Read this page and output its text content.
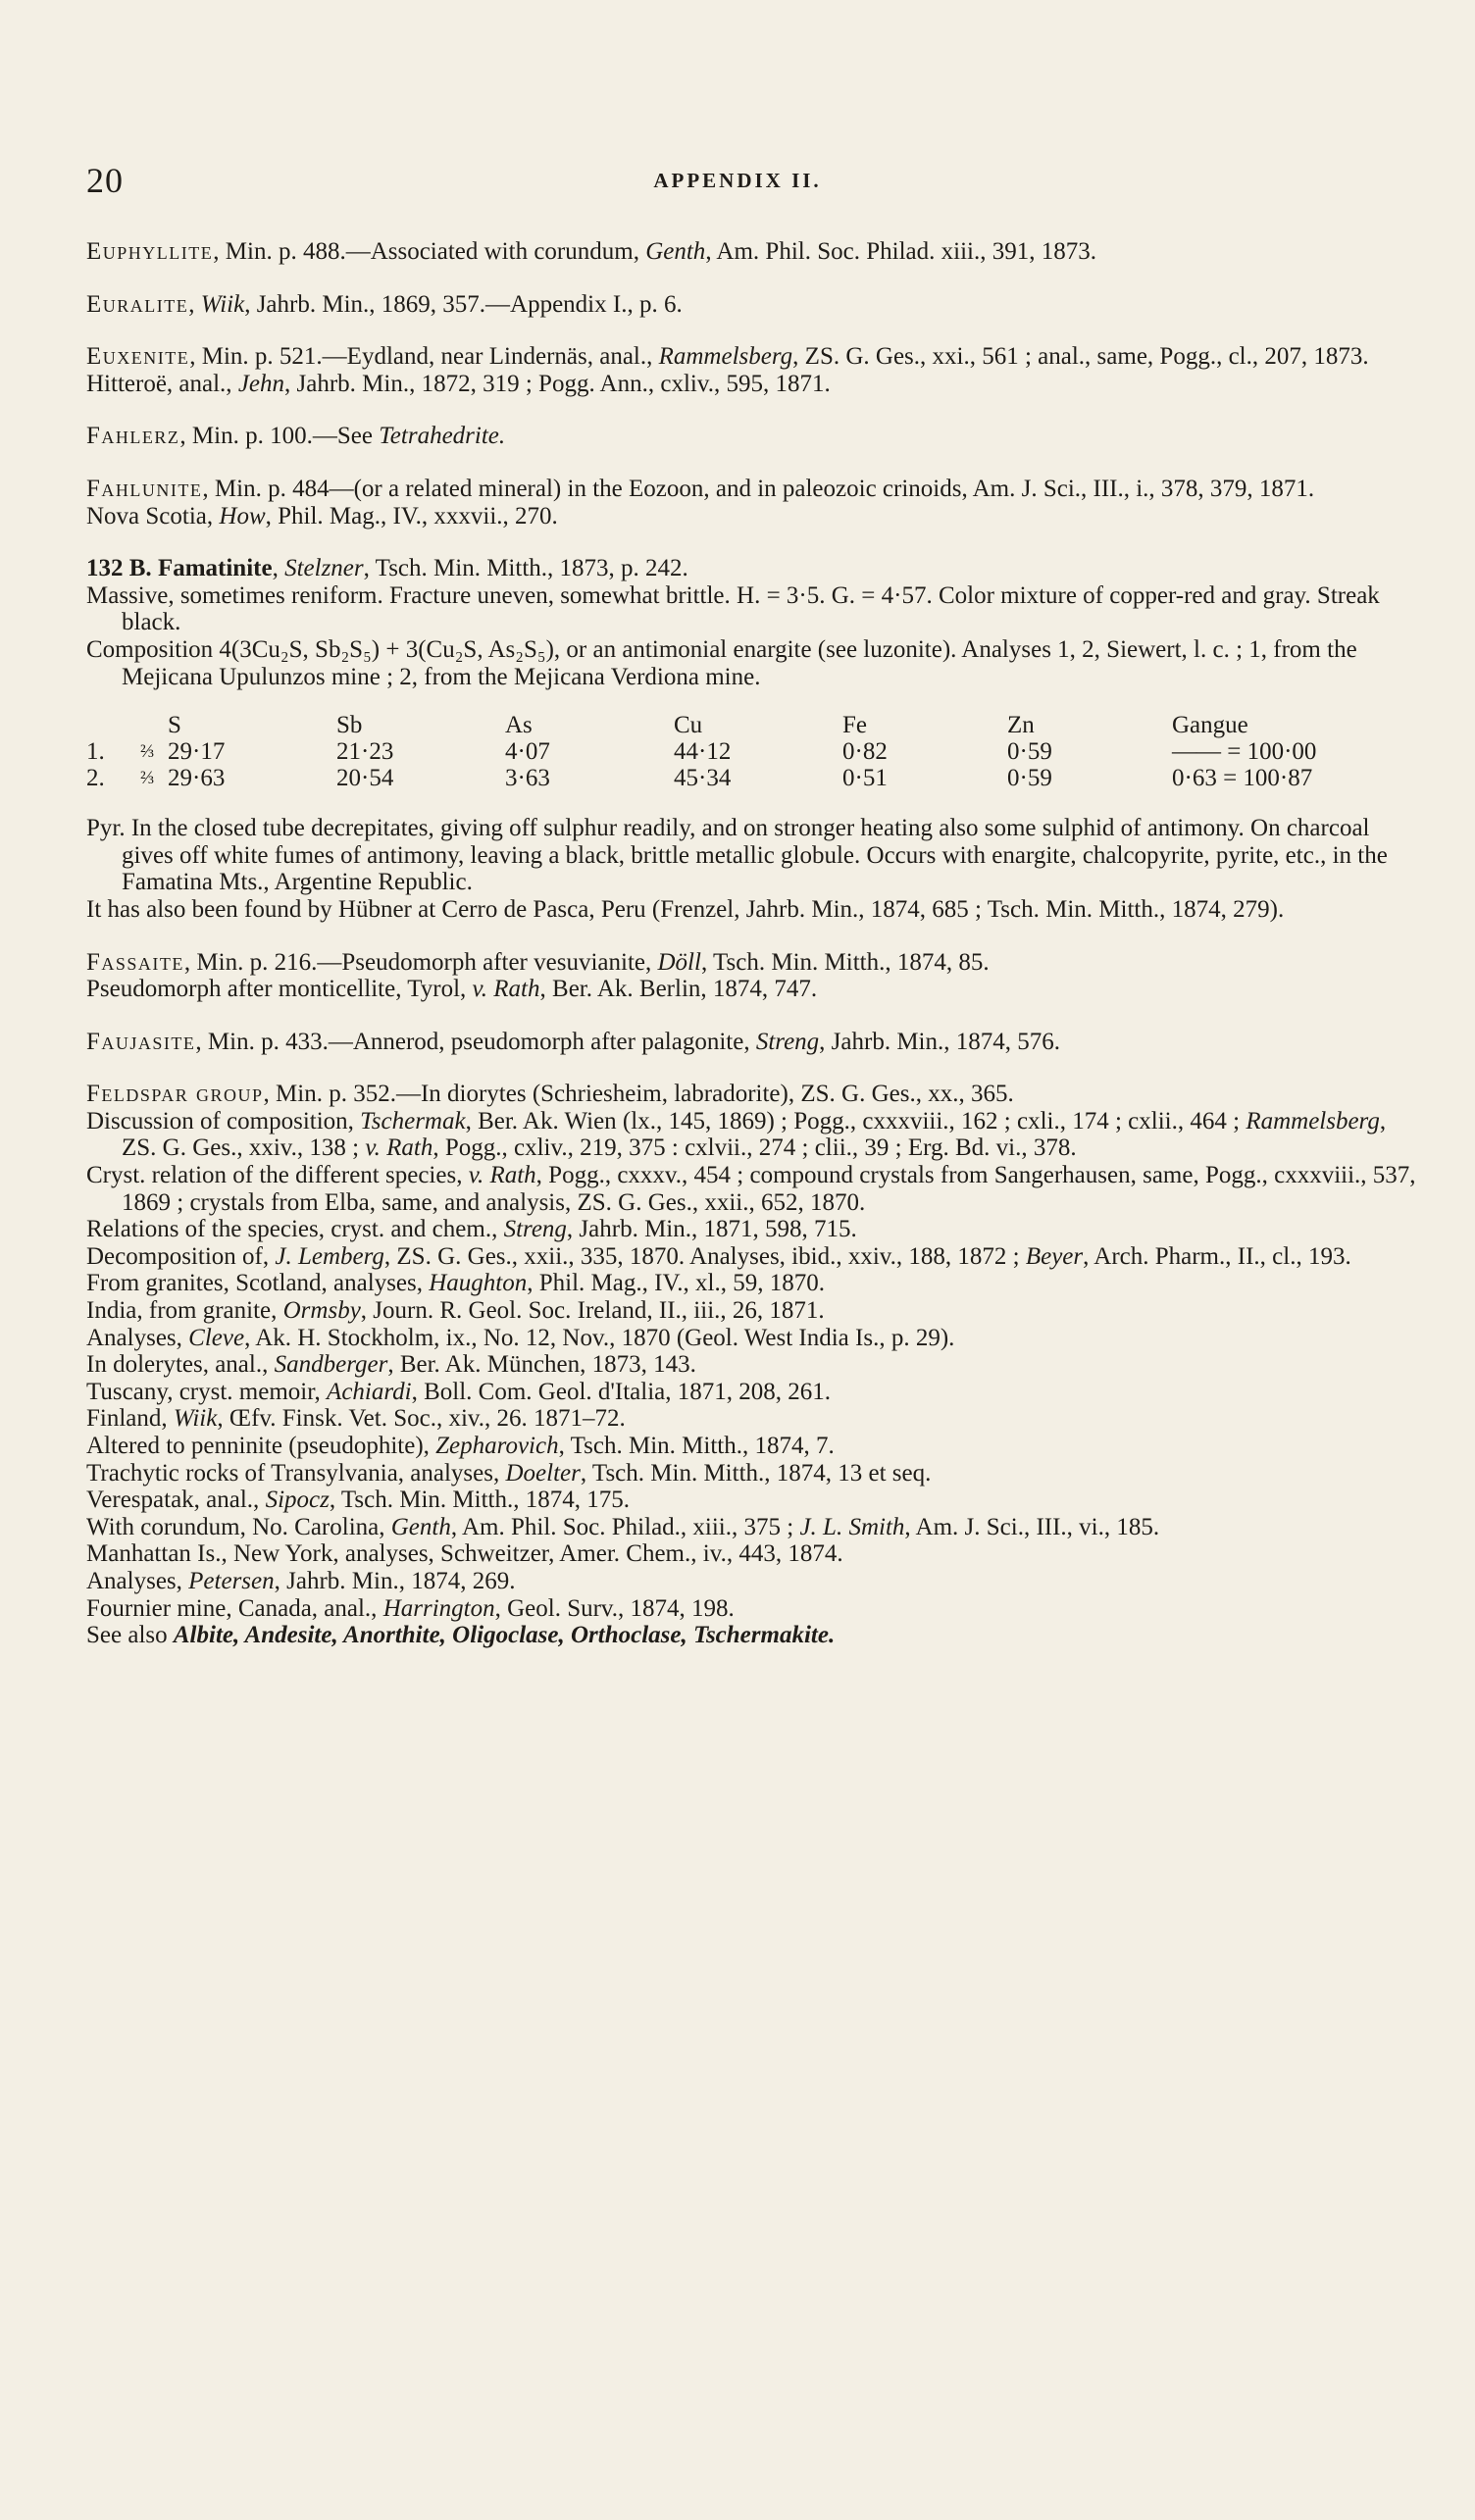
20	APPENDIX II.

Euphyllite, Min. p. 488.—Associated with corundum, Genth, Am. Phil. Soc. Philad. xiii., 391, 1873.

Euralite, Wiik, Jahrb. Min., 1869, 357.—Appendix I., p. 6.

Euxenite, Min. p. 521.—Eydland, near Lindernäs, anal., Rammelsberg, ZS. G. Ges., xxi., 561 ; anal., same, Pogg., cl., 207, 1873.

Hitteroë, anal., Jehn, Jahrb. Min., 1872, 319 ; Pogg. Ann., cxliv., 595, 1871.

Fahlerz, Min. p. 100.—See Tetrahedrite.

Fahlunite, Min. p. 484—(or a related mineral) in the Eozoon, and in paleozoic crinoids, Am. J. Sci., III., i., 378, 379, 1871.

Nova Scotia, How, Phil. Mag., IV., xxxvii., 270.

132 B. Famatinite, Stelzner, Tsch. Min. Mitth., 1873, p. 242.

Massive, sometimes reniform. Fracture uneven, somewhat brittle. H. = 3·5. G. = 4·57. Color mixture of copper-red and gray. Streak black.

Composition 4(3Cu₂S, Sb₂S₅) + 3(Cu₂S, As₂S₅), or an antimonial enargite (see luzonite). Analyses 1, 2, Siewert, l. c. ; 1, from the Mejicana Upulunzos mine ; 2, from the Mejicana Verdiona mine.

		S	Sb	As	Cu	Fe	Zn	Gangue
1.	⅔	29·17	21·23	4·07	44·12	0·82	0·59	—— = 100·00
2.	⅔	29·63	20·54	3·63	45·34	0·51	0·59	0·63 = 100·87

Pyr. In the closed tube decrepitates, giving off sulphur readily, and on stronger heating also some sulphid of antimony. On charcoal gives off white fumes of antimony, leaving a black, brittle metallic globule. Occurs with enargite, chalcopyrite, pyrite, etc., in the Famatina Mts., Argentine Republic.

It has also been found by Hübner at Cerro de Pasca, Peru (Frenzel, Jahrb. Min., 1874, 685 ; Tsch. Min. Mitth., 1874, 279).

Fassaite, Min. p. 216.—Pseudomorph after vesuvianite, Döll, Tsch. Min. Mitth., 1874, 85.

Pseudomorph after monticellite, Tyrol, v. Rath, Ber. Ak. Berlin, 1874, 747.

Faujasite, Min. p. 433.—Annerod, pseudomorph after palagonite, Streng, Jahrb. Min., 1874, 576.

Feldspar group, Min. p. 352.—In diorytes (Schriesheim, labradorite), ZS. G. Ges., xx., 365.

Discussion of composition, Tschermak, Ber. Ak. Wien (lx., 145, 1869) ; Pogg., cxxxviii., 162 ; cxli., 174 ; cxlii., 464 ; Rammelsberg, ZS. G. Ges., xxiv., 138 ; v. Rath, Pogg., cxliv., 219, 375 : cxlvii., 274 ; clii., 39 ; Erg. Bd. vi., 378.

Cryst. relation of the different species, v. Rath, Pogg., cxxxv., 454 ; compound crystals from Sangerhausen, same, Pogg., cxxxviii., 537, 1869 ; crystals from Elba, same, and analysis, ZS. G. Ges., xxii., 652, 1870.

Relations of the species, cryst. and chem., Streng, Jahrb. Min., 1871, 598, 715.

Decomposition of, J. Lemberg, ZS. G. Ges., xxii., 335, 1870. Analyses, ibid., xxiv., 188, 1872 ; Beyer, Arch. Pharm., II., cl., 193.

From granites, Scotland, analyses, Haughton, Phil. Mag., IV., xl., 59, 1870.

India, from granite, Ormsby, Journ. R. Geol. Soc. Ireland, II., iii., 26, 1871.

Analyses, Cleve, Ak. H. Stockholm, ix., No. 12, Nov., 1870 (Geol. West India Is., p. 29).

In dolerytes, anal., Sandberger, Ber. Ak. München, 1873, 143.

Tuscany, cryst. memoir, Achiardi, Boll. Com. Geol. d'Italia, 1871, 208, 261.

Finland, Wiik, Œfv. Finsk. Vet. Soc., xiv., 26. 1871–72.

Altered to penninite (pseudophite), Zepharovich, Tsch. Min. Mitth., 1874, 7.

Trachytic rocks of Transylvania, analyses, Doelter, Tsch. Min. Mitth., 1874, 13 et seq.

Verespatak, anal., Sipocz, Tsch. Min. Mitth., 1874, 175.

With corundum, No. Carolina, Genth, Am. Phil. Soc. Philad., xiii., 375 ; J. L. Smith, Am. J. Sci., III., vi., 185.

Manhattan Is., New York, analyses, Schweitzer, Amer. Chem., iv., 443, 1874.

Analyses, Petersen, Jahrb. Min., 1874, 269.

Fournier mine, Canada, anal., Harrington, Geol. Surv., 1874, 198.

See also Albite, Andesite, Anorthite, Oligoclase, Orthoclase, Tschermakite.
